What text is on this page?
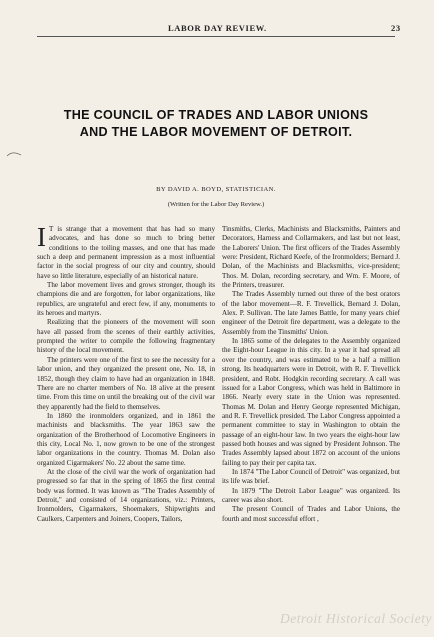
LABOR DAY REVIEW.	23
THE COUNCIL OF TRADES AND LABOR UNIONS
AND THE LABOR MOVEMENT OF DETROIT.
BY DAVID A. BOYD, STATISTICIAN.
(Written for the Labor Day Review.)

I T is strange that a movement that has had so many advocates, and has done so much to bring better conditions to the toiling masses, and one that has made such a deep and permanent impression as a most influential factor in the social progress of our city and country, should have so little literature, especially of an historical nature.

The labor movement lives and grows stronger, though its champions die and are forgotten, for labor organizations, like republics, are ungrateful and erect few, if any, monuments to its heroes and martyrs.

Realizing that the pioneers of the movement will soon have all passed from the scenes of their earthly activities, prompted the writer to compile the following fragmentary history of the local movement.

The printers were one of the first to see the necessity for a labor union, and they organized the present one, No. 18, in 1852, though they claim to have had an organization in 1848. There are no charter members of No. 18 alive at the present time. From this time on until the breaking out of the civil war they apparently had the field to themselves.

In 1860 the ironmolders organized, and in 1861 the machinists and blacksmiths. The year 1863 saw the organization of the Brotherhood of Locomotive Engineers in this city, Local No. 1, now grown to be one of the strongest labor organizations in the country. Thomas M. Dolan also organized Cigarmakers' No. 22 about the same time.

At the close of the civil war the work of organization had progressed so far that in the spring of 1865 the first central body was formed. It was known as "The Trades Assembly of Detroit," and consisted of 14 organizations, viz.: Printers, Ironmolders, Cigarmakers, Shoemakers, Shipwrights and Caulkers, Carpenters and Joiners, Coopers, Tailors,

Tinsmiths, Clerks, Machinists and Blacksmiths, Painters and Decorators, Harness and Collarmakers, and last but not least, the Laborers' Union. The first officers of the Trades Assembly were: President, Richard Keefe, of the Ironmolders; Bernard J. Dolan, of the Machinists and Blacksmiths, vice-president; Thos. M. Dolan, recording secretary, and Wm. F. Moore, of the Printers, treasurer.

The Trades Assembly turned out three of the best orators of the labor movement—R. F. Trevellick, Bernard J. Dolan, Alex. P. Sullivan. The late James Battle, for many years chief engineer of the Detroit fire department, was a delegate to the Assembly from the Tinsmiths' Union.

In 1865 some of the delegates to the Assembly organized the Eight-hour League in this city. In a year it had spread all over the country, and was estimated to be a half a million strong. Its headquarters were in Detroit, with R. F. Trevellick president, and Robt. Hodgkin recording secretary. A call was issued for a Labor Congress, which was held in Baltimore in 1866. Nearly every state in the Union was represented. Thomas M. Dolan and Henry George represented Michigan, and R. F. Trevellick presided. The Labor Congress appointed a permanent committee to stay in Washington to obtain the passage of an eight-hour law. In two years the eight-hour law passed both houses and was signed by President Johnson. The Trades Assembly lapsed about 1872 on account of the unions failing to pay their per capita tax.

In 1874 "The Labor Council of Detroit" was organized, but its life was brief.

In 1879 "The Detroit Labor League" was organized. Its career was also short.

The present Council of Trades and Labor Unions, the fourth and most successful effort ,

Detroit Historical Society
